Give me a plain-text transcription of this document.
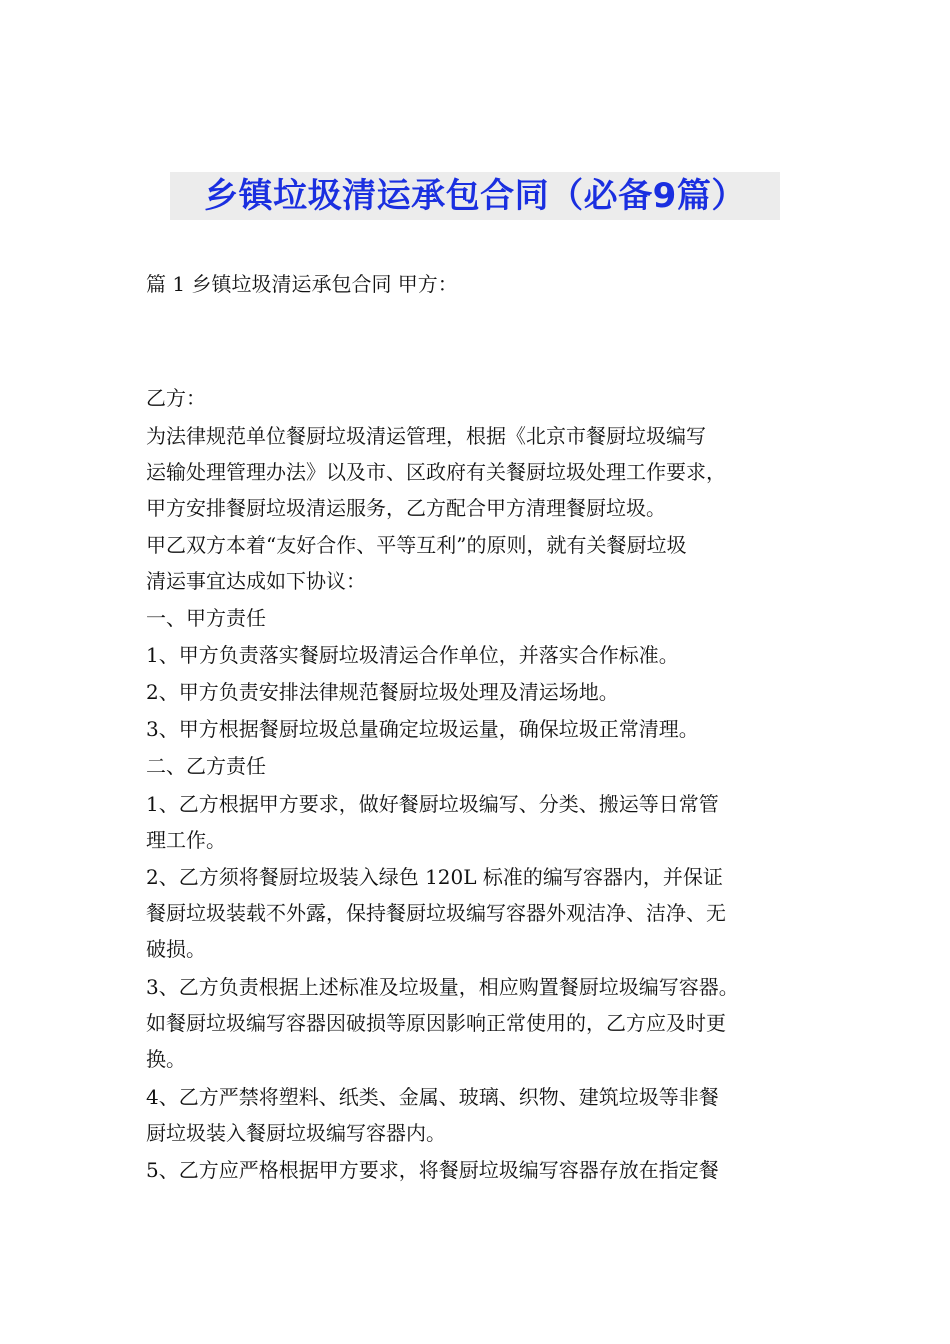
乡镇垃圾清运承包合同（必备9篇）
篇 1 乡镇垃圾清运承包合同 甲方：
乙方：
为法律规范单位餐厨垃圾清运管理，根据《北京市餐厨垃圾编写
运输处理管理办法》以及市、区政府有关餐厨垃圾处理工作要求，
甲方安排餐厨垃圾清运服务，乙方配合甲方清理餐厨垃圾。
甲乙双方本着“友好合作、平等互利”的原则，就有关餐厨垃圾
清运事宜达成如下协议：
一、甲方责任
1、甲方负责落实餐厨垃圾清运合作单位，并落实合作标准。
2、甲方负责安排法律规范餐厨垃圾处理及清运场地。
3、甲方根据餐厨垃圾总量确定垃圾运量，确保垃圾正常清理。
二、乙方责任
1、乙方根据甲方要求，做好餐厨垃圾编写、分类、搬运等日常管
理工作。
2、乙方须将餐厨垃圾装入绿色 120L 标准的编写容器内，并保证
餐厨垃圾装载不外露，保持餐厨垃圾编写容器外观洁净、洁净、无
破损。
3、乙方负责根据上述标准及垃圾量，相应购置餐厨垃圾编写容器。
如餐厨垃圾编写容器因破损等原因影响正常使用的，乙方应及时更
换。
4、乙方严禁将塑料、纸类、金属、玻璃、织物、建筑垃圾等非餐
厨垃圾装入餐厨垃圾编写容器内。
5、乙方应严格根据甲方要求，将餐厨垃圾编写容器存放在指定餐
